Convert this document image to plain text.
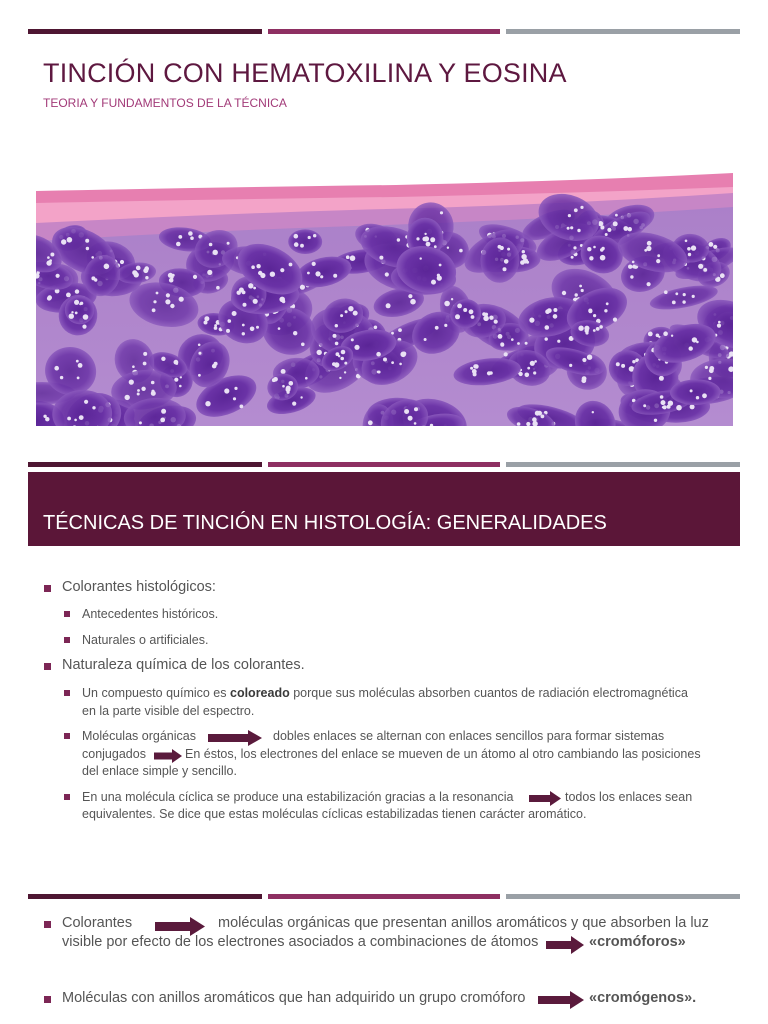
TINCIÓN CON HEMATOXILINA Y EOSINA
TEORIA Y FUNDAMENTOS DE LA TÉCNICA
TÉCNICAS DE TINCIÓN EN HISTOLOGÍA: GENERALIDADES
Colorantes histológicos:
Antecedentes históricos.
Naturales o artificiales.
Naturaleza química de los colorantes.
Un compuesto químico es coloreado porque sus moléculas absorben cuantos de radiación electromagnética
en la parte visible del espectro.
Moléculas orgánicas	dobles enlaces se alternan con enlaces sencillos para formar sistemas
conjugados	En éstos, los electrones del enlace se mueven de un átomo al otro cambiando las posiciones
del enlace simple y sencillo.
En una molécula cíclica se produce una estabilización gracias a la resonancia	todos los enlaces sean
equivalentes. Se dice que estas moléculas cíclicas estabilizadas tienen carácter aromático.
Colorantes	moléculas orgánicas que presentan anillos aromáticos y que absorben la luz
visible por efecto de los electrones asociados a combinaciones de átomos	«cromóforos»
Moléculas con anillos aromáticos que han adquirido un grupo cromóforo	«cromógenos».
